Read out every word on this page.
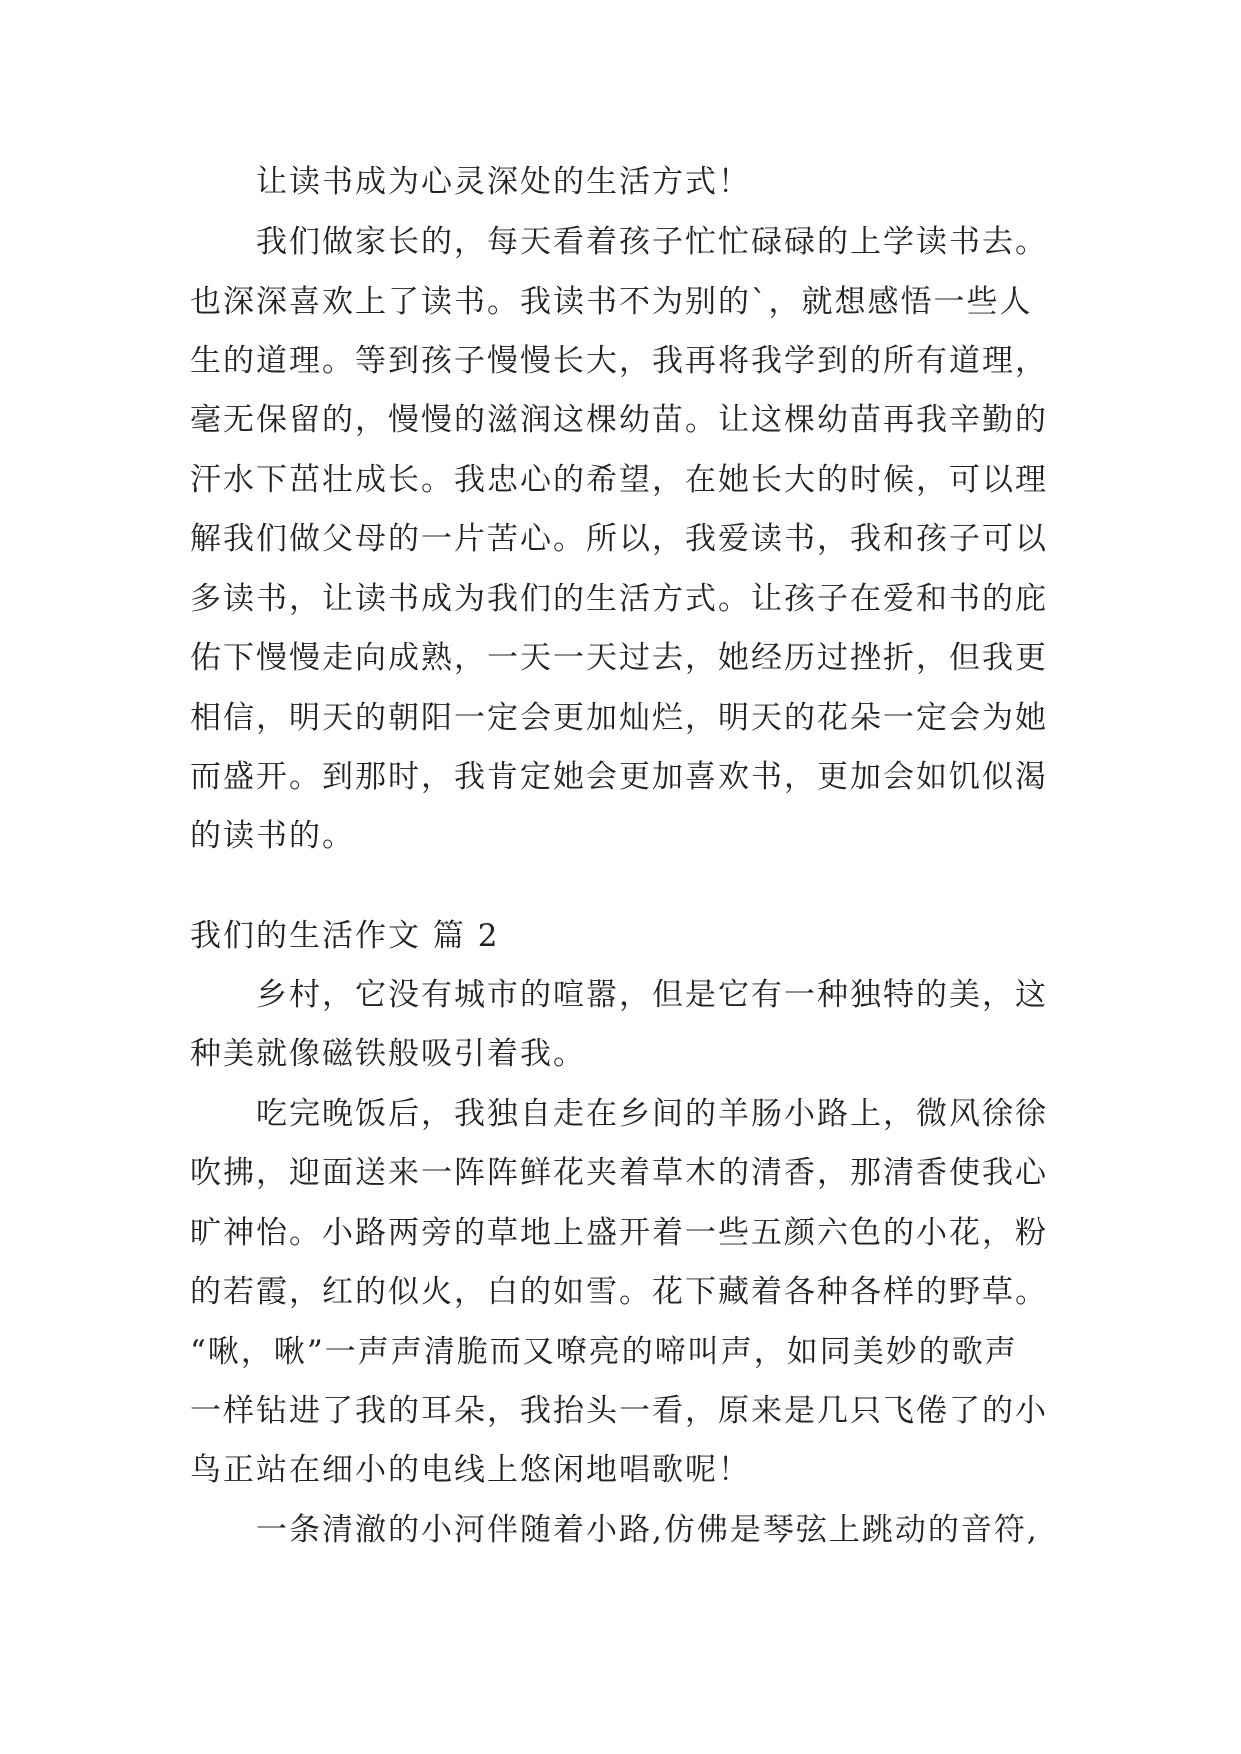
让读书成为心灵深处的生活方式！
我们做家长的，每天看着孩子忙忙碌碌的上学读书去。
也深深喜欢上了读书。我读书不为别的`，就想感悟一些人
生的道理。等到孩子慢慢长大，我再将我学到的所有道理，
毫无保留的，慢慢的滋润这棵幼苗。让这棵幼苗再我辛勤的
汗水下茁壮成长。我忠心的希望，在她长大的时候，可以理
解我们做父母的一片苦心。所以，我爱读书，我和孩子可以
多读书，让读书成为我们的生活方式。让孩子在爱和书的庇
佑下慢慢走向成熟，一天一天过去，她经历过挫折，但我更
相信，明天的朝阳一定会更加灿烂，明天的花朵一定会为她
而盛开。到那时，我肯定她会更加喜欢书，更加会如饥似渴
的读书的。
我们的生活作文 篇 2
乡村，它没有城市的喧嚣，但是它有一种独特的美，这
种美就像磁铁般吸引着我。
吃完晚饭后，我独自走在乡间的羊肠小路上，微风徐徐
吹拂，迎面送来一阵阵鲜花夹着草木的清香，那清香使我心
旷神怡。小路两旁的草地上盛开着一些五颜六色的小花，粉
的若霞，红的似火，白的如雪。花下藏着各种各样的野草。
“啾，啾”一声声清脆而又嘹亮的啼叫声，如同美妙的歌声
一样钻进了我的耳朵，我抬头一看，原来是几只飞倦了的小
鸟正站在细小的电线上悠闲地唱歌呢！
一条清澈的小河伴随着小路,仿佛是琴弦上跳动的音符,
